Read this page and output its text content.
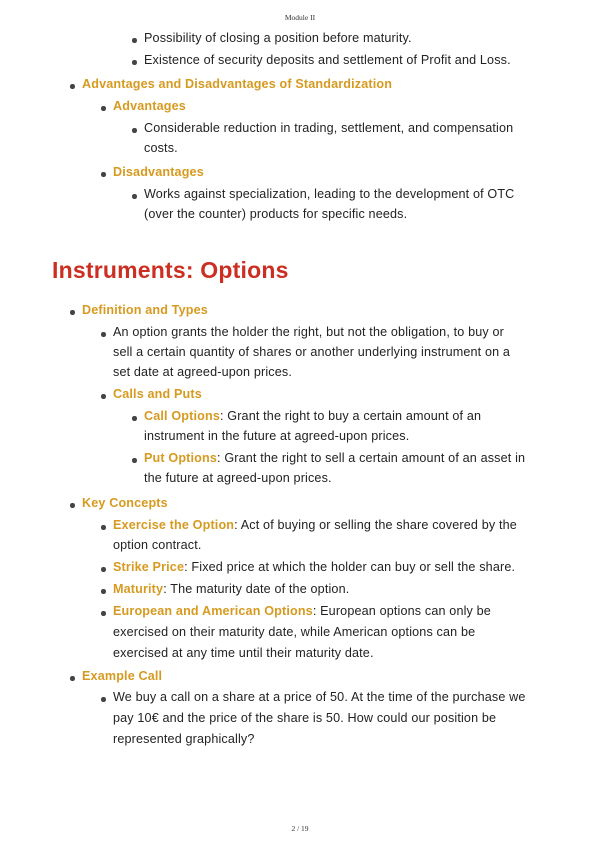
Module II
Possibility of closing a position before maturity.
Existence of security deposits and settlement of Profit and Loss.
Advantages and Disadvantages of Standardization
Advantages
Considerable reduction in trading, settlement, and compensation
costs.
Disadvantages
Works against specialization, leading to the development of OTC
(over the counter) products for specific needs.
Instruments: Options
Definition and Types
An option grants the holder the right, but not the obligation, to buy or
sell a certain quantity of shares or another underlying instrument on a
set date at agreed-upon prices.
Calls and Puts
Call Options: Grant the right to buy a certain amount of an
instrument in the future at agreed-upon prices.
Put Options: Grant the right to sell a certain amount of an asset in
the future at agreed-upon prices.
Key Concepts
Exercise the Option: Act of buying or selling the share covered by the
option contract.
Strike Price: Fixed price at which the holder can buy or sell the share.
Maturity: The maturity date of the option.
European and American Options: European options can only be
exercised on their maturity date, while American options can be
exercised at any time until their maturity date.
Example Call
We buy a call on a share at a price of 50. At the time of the purchase we
pay 10€ and the price of the share is 50. How could our position be
represented graphically?
2 / 19
